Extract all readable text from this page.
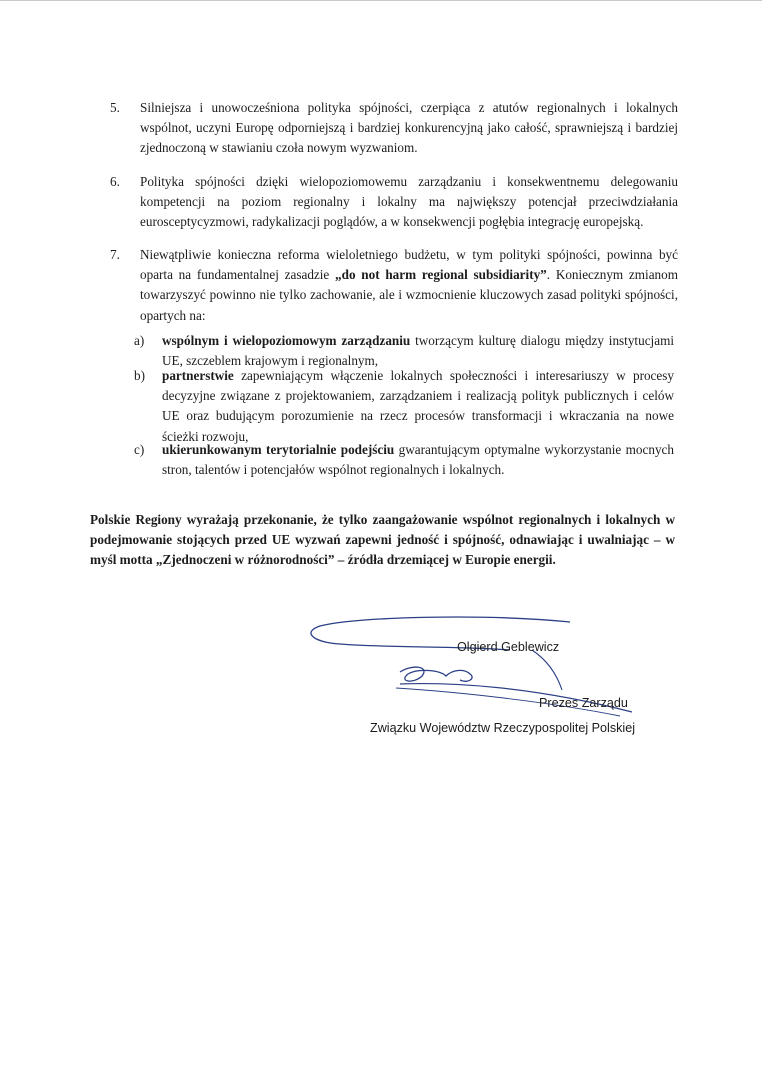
5. Silniejsza i unowocześniona polityka spójności, czerpiąca z atutów regionalnych i lokalnych wspólnot, uczyni Europę odporniejszą i bardziej konkurencyjną jako całość, sprawniejszą i bardziej zjednoczoną w stawianiu czoła nowym wyzwaniom.
6. Polityka spójności dzięki wielopoziomowemu zarządzaniu i konsekwentnemu delegowaniu kompetencji na poziom regionalny i lokalny ma największy potencjał przeciwdziałania eurosceptycyzmowi, radykalizacji poglądów, a w konsekwencji pogłębia integrację europejską.
7. Niewątpliwie konieczna reforma wieloletniego budżetu, w tym polityki spójności, powinna być oparta na fundamentalnej zasadzie „do not harm regional subsidiarity”. Koniecznym zmianom towarzyszyć powinno nie tylko zachowanie, ale i wzmocnienie kluczowych zasad polityki spójności, opartych na:
a) wspólnym i wielopoziomowym zarządzaniu tworzącym kulturę dialogu między instytucjami UE, szczeblem krajowym i regionalnym,
b) partnerstwie zapewniającym włączenie lokalnych społeczności i interesariuszy w procesy decyzyjne związane z projektowaniem, zarządzaniem i realizacją polityk publicznych i celów UE oraz budującym porozumienie na rzecz procesów transformacji i wkraczania na nowe ścieżki rozwoju,
c) ukierunkowanym terytorialnie podejściu gwarantującym optymalne wykorzystanie mocnych stron, talentów i potencjałów wspólnot regionalnych i lokalnych.
Polskie Regiony wyrażają przekonanie, że tylko zaangażowanie wspólnot regionalnych i lokalnych w podejmowanie stojących przed UE wyzwań zapewni jedność i spójność, odnawiając i uwalniając – w myśl motta „Zjednoczeni w różnorodności” – źródła drzemiącej w Europie energii.
Olgierd Geblewicz
Prezes Zarządu
Związku Województw Rzeczypospolitej Polskiej
